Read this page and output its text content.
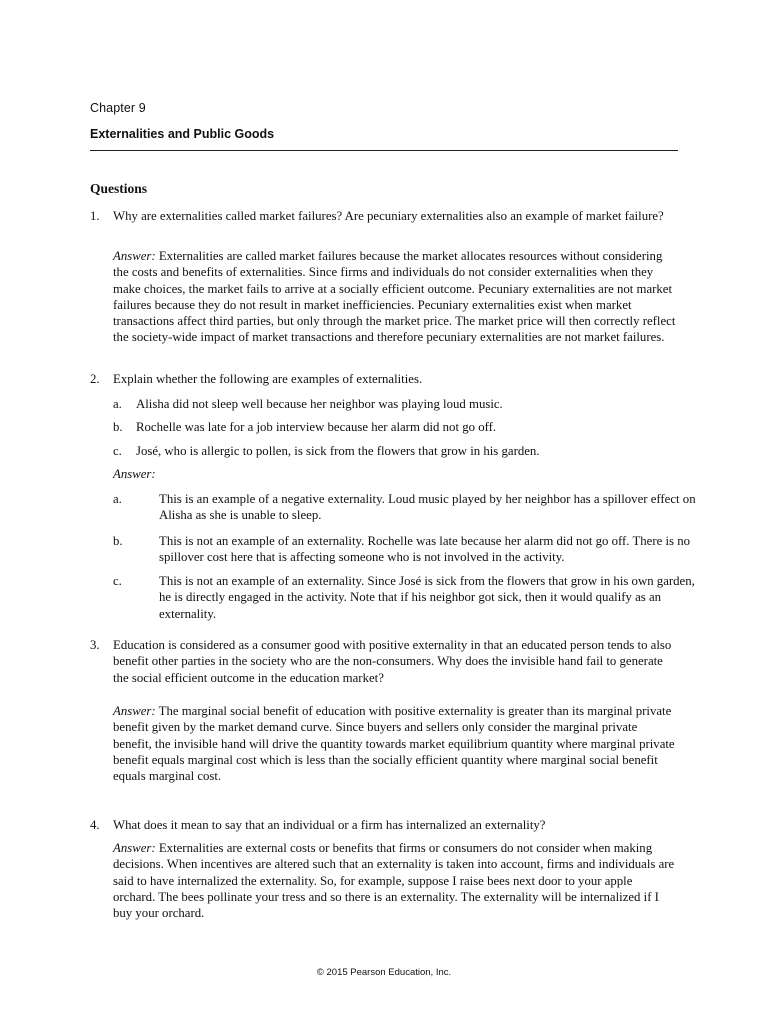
Chapter 9
Externalities and Public Goods
Questions
1. Why are externalities called market failures? Are pecuniary externalities also an example of market failure?

Answer: Externalities are called market failures because the market allocates resources without considering the costs and benefits of externalities. Since firms and individuals do not consider externalities when they make choices, the market fails to arrive at a socially efficient outcome. Pecuniary externalities are not market failures because they do not result in market inefficiencies. Pecuniary externalities exist when market transactions affect third parties, but only through the market price. The market price will then correctly reflect the society-wide impact of market transactions and therefore pecuniary externalities are not market failures.

2. Explain whether the following are examples of externalities.

a. Alisha did not sleep well because her neighbor was playing loud music.

b. Rochelle was late for a job interview because her alarm did not go off.

c. José, who is allergic to pollen, is sick from the flowers that grow in his garden.

Answer:

a.	This is an example of a negative externality. Loud music played by her neighbor has a spillover effect on Alisha as she is unable to sleep.

b.	This is not an example of an externality. Rochelle was late because her alarm did not go off. There is no spillover cost here that is affecting someone who is not involved in the activity.

c.	This is not an example of an externality. Since José is sick from the flowers that grow in his own garden, he is directly engaged in the activity. Note that if his neighbor got sick, then it would qualify as an externality.

3. Education is considered as a consumer good with positive externality in that an educated person tends to also benefit other parties in the society who are the non-consumers. Why does the invisible hand fail to generate the social efficient outcome in the education market?

Answer: The marginal social benefit of education with positive externality is greater than its marginal private benefit given by the market demand curve. Since buyers and sellers only consider the marginal private benefit, the invisible hand will drive the quantity towards market equilibrium quantity where marginal private benefit equals marginal cost which is less than the socially efficient quantity where marginal social benefit equals marginal cost.

4. What does it mean to say that an individual or a firm has internalized an externality?

Answer: Externalities are external costs or benefits that firms or consumers do not consider when making decisions. When incentives are altered such that an externality is taken into account, firms and individuals are said to have internalized the externality. So, for example, suppose I raise bees next door to your apple orchard. The bees pollinate your tress and so there is an externality. The externality will be internalized if I buy your orchard.

© 2015 Pearson Education, Inc.
